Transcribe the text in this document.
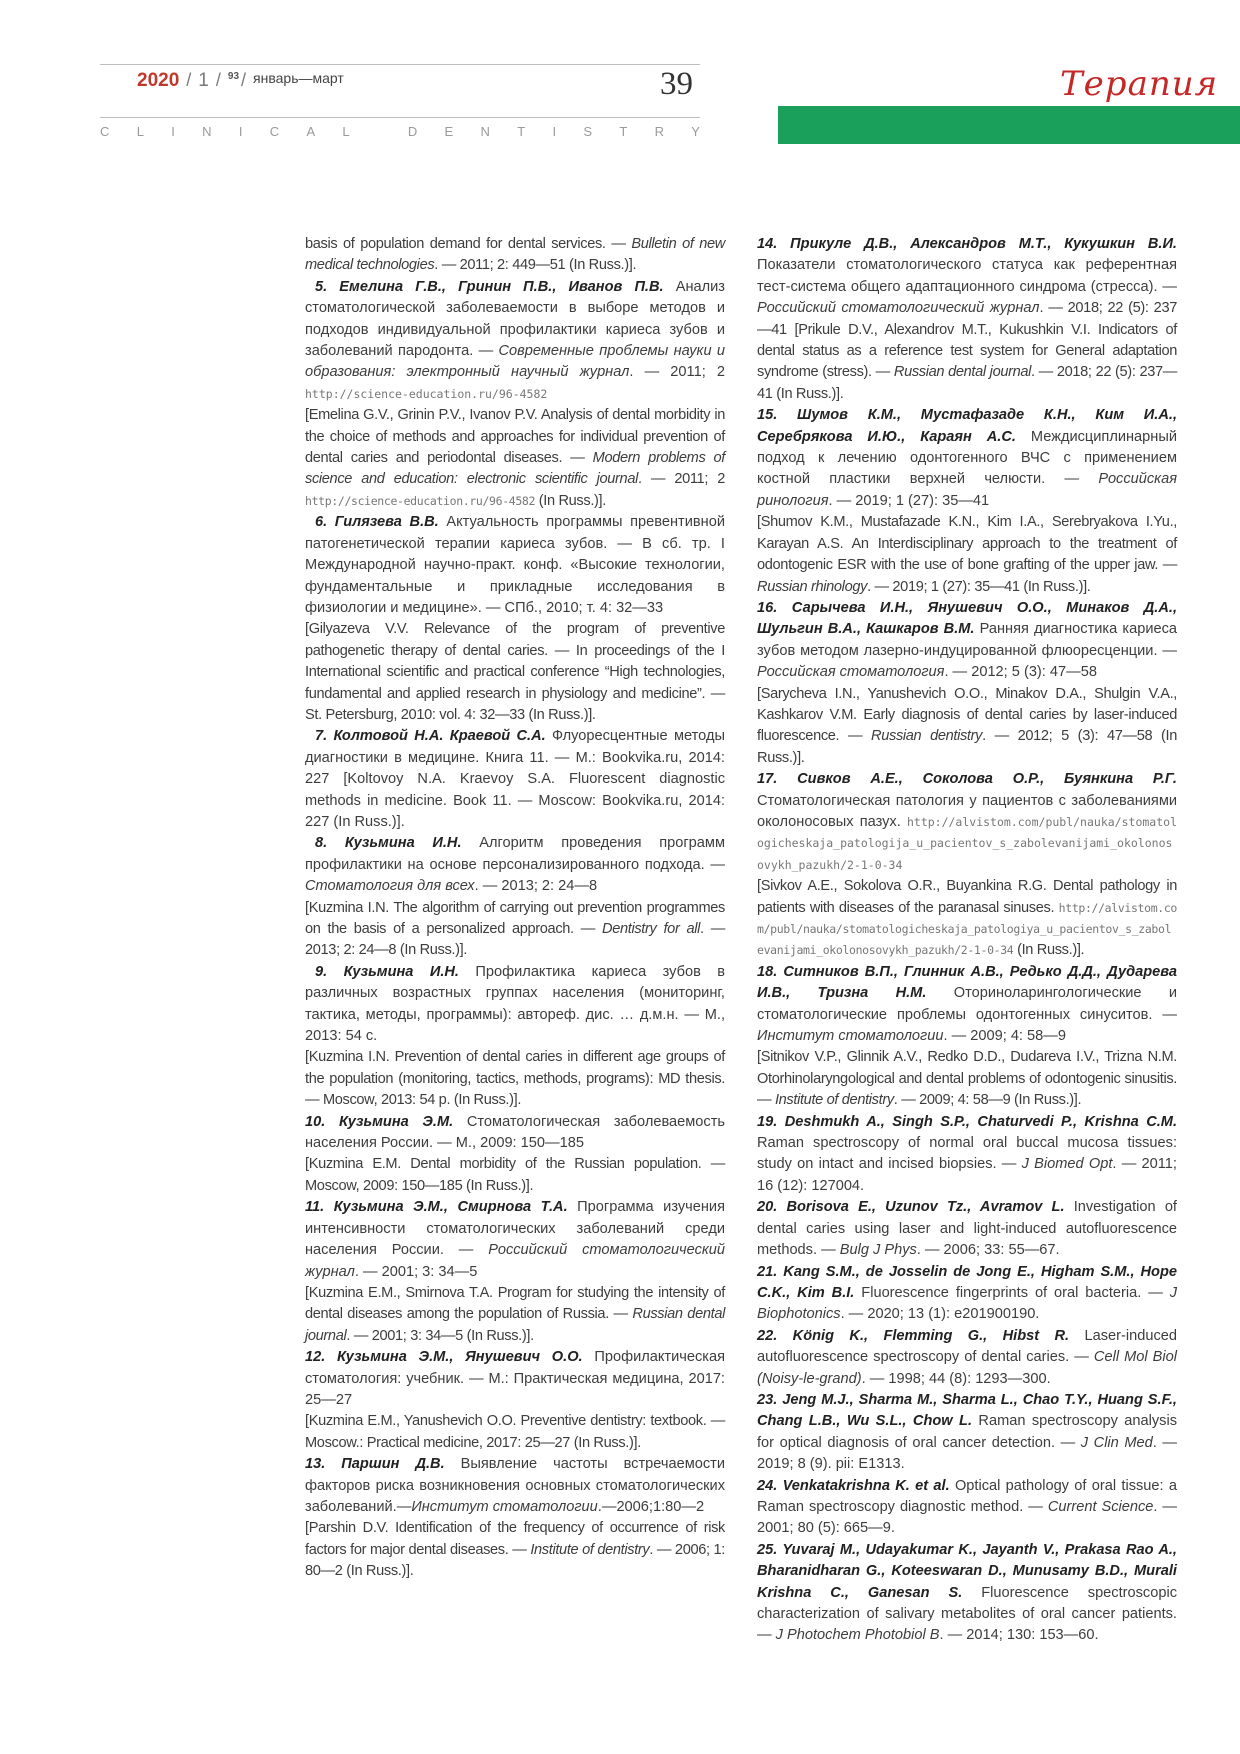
2020 / 1 / $^{93}$ / январь—март	39
C L I N I C A L
	D E N T I S T R Y
Терапия

basis of population demand for dental services. — Bulletin of new medical technologies. — 2011; 2: 449—51 (In Russ.)].

5. Емелина Г.В., Гринин П.В., Иванов П.В. Анализ стоматологической заболеваемости в выборе методов и подходов индивидуальной профилактики кариеса зубов и заболеваний пародонта. — Современные проблемы науки и образования: электронный научный журнал. — 2011; 2 http://science-education.ru/96-4582

[Emelina G.V., Grinin P.V., Ivanov P.V. Analysis of dental morbidity in the choice of methods and approaches for individual prevention of dental caries and periodontal diseases. — Modern problems of science and education: electronic scientific journal. — 2011; 2 http://science-education.ru/96-4582 (In Russ.)].

6. Гилязева В.В. Актуальность программы превентивной патогенетической терапии кариеса зубов. — В сб. тр. I Международной научно-практ. конф. «Высокие технологии, фундаментальные и прикладные исследования в физиологии и медицине». — СПб., 2010; т. 4: 32—33

[Gilyazeva V.V. Relevance of the program of preventive pathogenetic therapy of dental caries. — In proceedings of the I International scientific and practical conference “High technologies, fundamental and applied research in physiology and medicine”. — St. Petersburg, 2010: vol. 4: 32—33 (In Russ.)].

7. Колтовой Н.А. Краевой С.А. Флуоресцентные методы диагностики в медицине. Книга 11. — М.: Bookvika.ru, 2014: 227 [Koltovoy N.A. Kraevoy S.A. Fluorescent diagnostic methods in medicine. Book 11. — Moscow: Bookvika.ru, 2014: 227 (In Russ.)].

8. Кузьмина И.Н. Алгоритм проведения программ профилактики на основе персонализированного подхода. — Стоматология для всех. — 2013; 2: 24—8

[Kuzmina I.N. The algorithm of carrying out prevention programmes on the basis of a personalized approach. — Dentistry for all. — 2013; 2: 24—8 (In Russ.)].

9. Кузьмина И.Н. Профилактика кариеса зубов в различных возрастных группах населения (мониторинг, тактика, методы, программы): автореф. дис. … д.м.н. — М., 2013: 54 с.

[Kuzmina I.N. Prevention of dental caries in different age groups of the population (monitoring, tactics, methods, programs): MD thesis. — Moscow, 2013: 54 p. (In Russ.)].

10. Кузьмина Э.М. Стоматологическая заболеваемость населения России. — М., 2009: 150—185

[Kuzmina E.M. Dental morbidity of the Russian population. — Moscow, 2009: 150—185 (In Russ.)].

11. Кузьмина Э.М., Смирнова Т.А. Программа изучения интенсивности стоматологических заболеваний среди населения России. — Российский стоматологический журнал. — 2001; 3: 34—5

[Kuzmina E.M., Smirnova T.A. Program for studying the intensity of dental diseases among the population of Russia. — Russian dental journal. — 2001; 3: 34—5 (In Russ.)].

12. Кузьмина Э.М., Янушевич О.О. Профилактическая стоматология: учебник. — М.: Практическая медицина, 2017: 25—27

[Kuzmina E.M., Yanushevich O.O. Preventive dentistry: textbook. — Moscow.: Practical medicine, 2017: 25—27 (In Russ.)].

13. Паршин Д.В. Выявление частоты встречаемости факторов риска возникновения основных стоматологических заболеваний.—Институт стоматологии.—2006;1:80—2

[Parshin D.V. Identification of the frequency of occurrence of risk factors for major dental diseases. — Institute of dentistry. — 2006; 1: 80—2 (In Russ.)].

14. Прикуле Д.В., Александров М.Т., Кукушкин В.И. Показатели стоматологического статуса как референтная тест-система общего адаптационного синдрома (стресса). — Российский стоматологический журнал. — 2018; 22 (5): 237—41 [Prikule D.V., Alexandrov M.T., Kukushkin V.I. Indicators of dental status as a reference test system for General adaptation syndrome (stress). — Russian dental journal. — 2018; 22 (5): 237—41 (In Russ.)].

15. Шумов К.М., Мустафазаде К.Н., Ким И.А., Серебрякова И.Ю., Караян А.С. Междисциплинарный подход к лечению одонтогенного ВЧС с применением костной пластики верхней челюсти. — Российская ринология. — 2019; 1 (27): 35—41

[Shumov K.M., Mustafazade K.N., Kim I.A., Serebryakova I.Yu., Karayan A.S. An Interdisciplinary approach to the treatment of odontogenic ESR with the use of bone grafting of the upper jaw. — Russian rhinology. — 2019; 1 (27): 35—41 (In Russ.)].

16. Сарычева И.Н., Янушевич О.О., Минаков Д.А., Шульгин В.А., Кашкаров В.М. Ранняя диагностика кариеса зубов методом лазерно-индуцированной флюоресценции. — Российская стоматология. — 2012; 5 (3): 47—58

[Sarycheva I.N., Yanushevich O.O., Minakov D.A., Shulgin V.A., Kashkarov V.M. Early diagnosis of dental caries by laser-induced fluorescence. — Russian dentistry. — 2012; 5 (3): 47—58 (In Russ.)].

17. Сивков А.Е., Соколова О.Р., Буянкина Р.Г. Стоматологическая патология у пациентов с заболеваниями околоносовых пазух. http://alvistom.com/publ/nauka/stomatologicheskaja_patologija_u_pacientov_s_zabolevanijami_okolonosovykh_pazukh/2-1-0-34

[Sivkov A.E., Sokolova O.R., Buyankina R.G. Dental pathology in patients with diseases of the paranasal sinuses. http://alvistom.com/publ/nauka/stomatologicheskaja_patologiya_u_pacientov_s_zabolevanijami_okolonosovykh_pazukh/2-1-0-34 (In Russ.)].

18. Ситников В.П., Глинник А.В., Редько Д.Д., Дударева И.В., Тризна Н.М. Оториноларингологические и стоматологические проблемы одонтогенных синуситов. — Институт стоматологии. — 2009; 4: 58—9

[Sitnikov V.P., Glinnik A.V., Redko D.D., Dudareva I.V., Trizna N.M. Otorhinolaryngological and dental problems of odontogenic sinusitis. — Institute of dentistry. — 2009; 4: 58—9 (In Russ.)].

19. Deshmukh A., Singh S.P., Chaturvedi P., Krishna C.M. Raman spectroscopy of normal oral buccal mucosa tissues: study on intact and incised biopsies. — J Biomed Opt. — 2011; 16 (12): 127004.

20. Borisova E., Uzunov Tz., Avramov L. Investigation of dental caries using laser and light-induced autofluorescence methods. — Bulg J Phys. — 2006; 33: 55—67.

21. Kang S.M., de Josselin de Jong E., Higham S.M., Hope C.K., Kim B.I. Fluorescence fingerprints of oral bacteria. — J Biophotonics. — 2020; 13 (1): e201900190.

22. König K., Flemming G., Hibst R. Laser-induced autofluorescence spectroscopy of dental caries. — Cell Mol Biol (Noisy-le-grand). — 1998; 44 (8): 1293—300.

23. Jeng M.J., Sharma M., Sharma L., Chao T.Y., Huang S.F., Chang L.B., Wu S.L., Chow L. Raman spectroscopy analysis for optical diagnosis of oral cancer detection. — J Clin Med. — 2019; 8 (9). pii: E1313.

24. Venkatakrishna K. et al. Optical pathology of oral tissue: a Raman spectroscopy diagnostic method. — Current Science. — 2001; 80 (5): 665—9.

25. Yuvaraj M., Udayakumar K., Jayanth V., Prakasa Rao A., Bharanidharan G., Koteeswaran D., Munusamy B.D., Murali Krishna C., Ganesan S. Fluorescence spectroscopic characterization of salivary metabolites of oral cancer patients. — J Photochem Photobiol B. — 2014; 130: 153—60.
